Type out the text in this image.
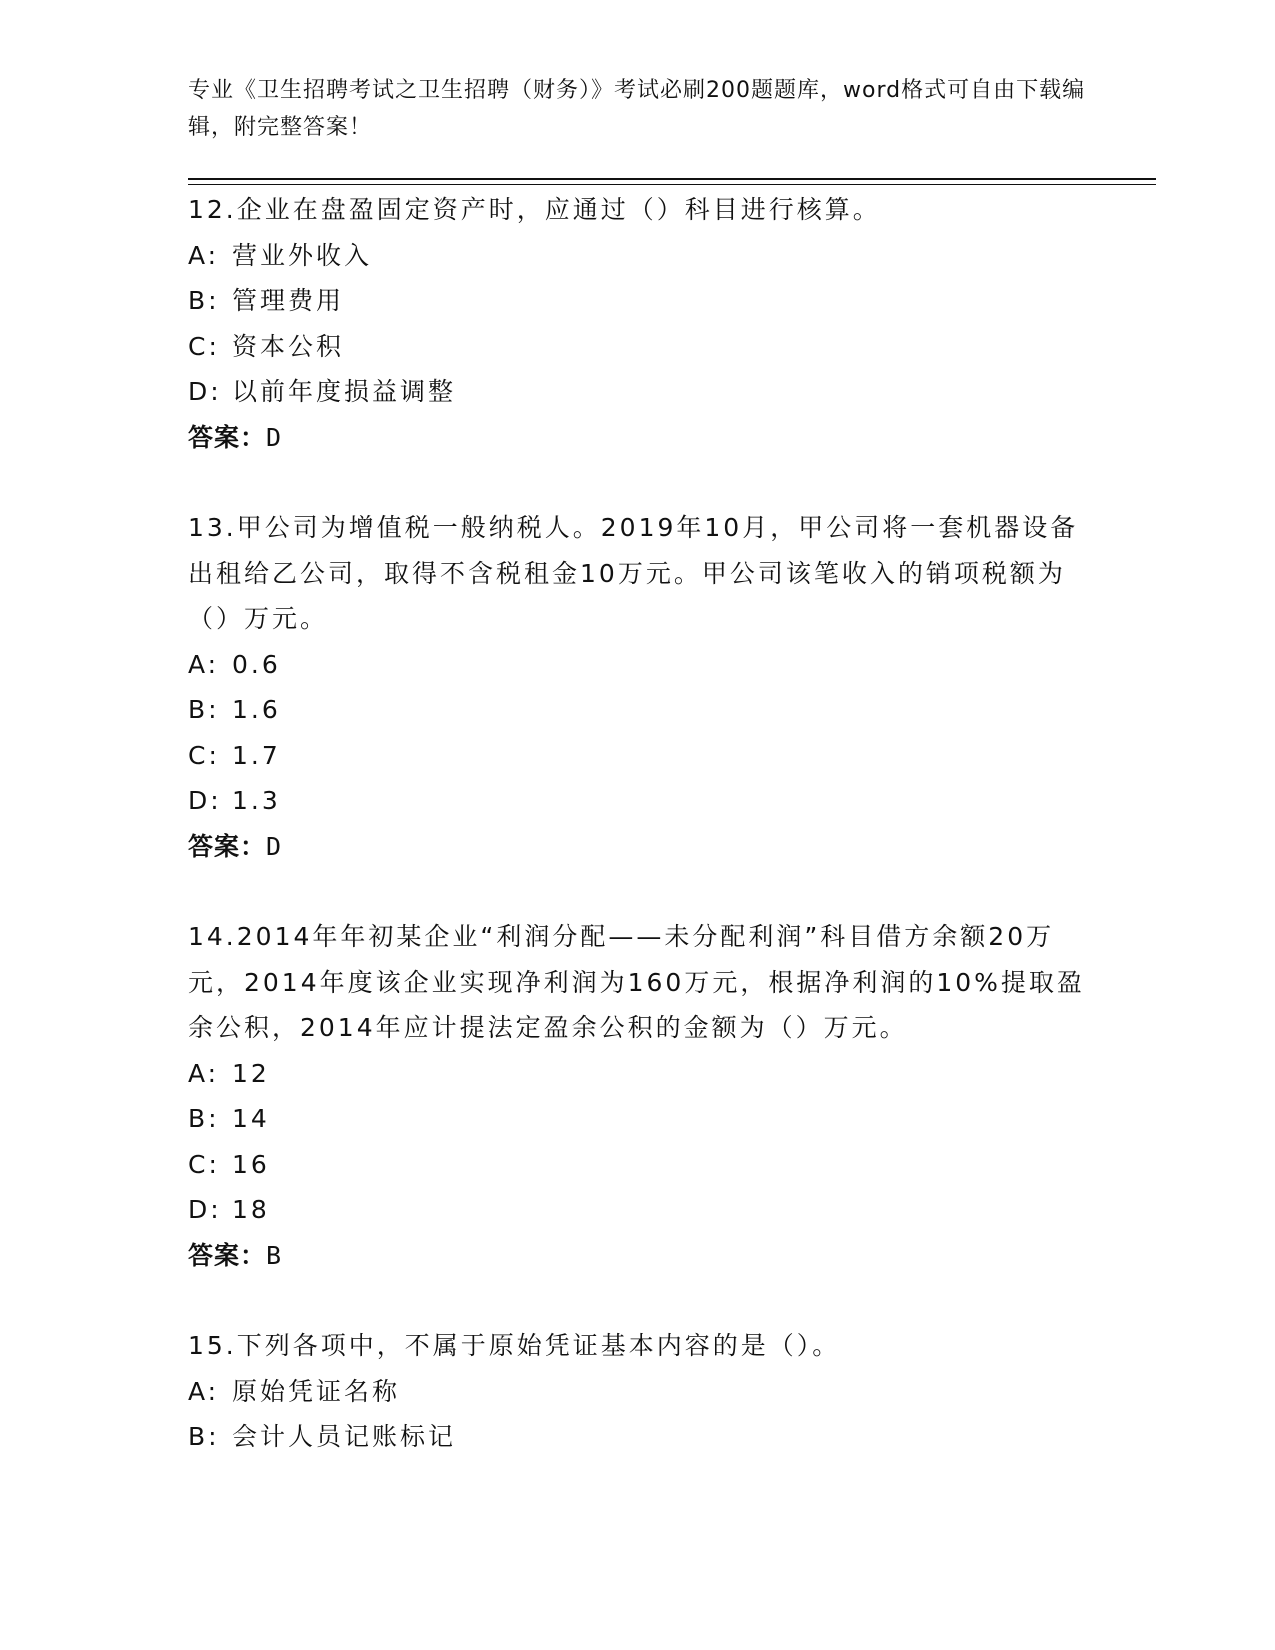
专业《卫生招聘考试之卫生招聘（财务）》考试必刷200题题库，word格式可自由下载编辑，附完整答案！
12.企业在盘盈固定资产时，应通过（）科目进行核算。
A: 营业外收入
B: 管理费用
C: 资本公积
D: 以前年度损益调整
答案：D
13.甲公司为增值税一般纳税人。2019年10月，甲公司将一套机器设备出租给乙公司，取得不含税租金10万元。甲公司该笔收入的销项税额为（）万元。
A: 0.6
B: 1.6
C: 1.7
D: 1.3
答案：D
14.2014年年初某企业“利润分配——未分配利润”科目借方余额20万元，2014年度该企业实现净利润为160万元，根据净利润的10%提取盈余公积，2014年应计提法定盈余公积的金额为（）万元。
A: 12
B: 14
C: 16
D: 18
答案：B
15.下列各项中，不属于原始凭证基本内容的是（）。
A: 原始凭证名称
B: 会计人员记账标记
